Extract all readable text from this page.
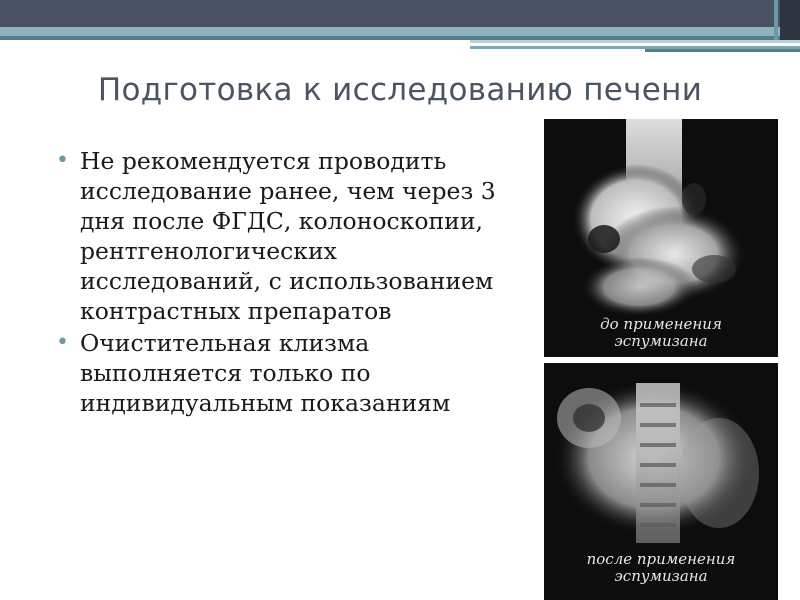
Подготовка к исследованию печени
• Не рекомендуется проводить исследование ранее, чем через 3 дня после ФГДС, колоноскопии, рентгенологических исследований, с использованием контрастных препаратов
• Очистительная клизма выполняется только по индивидуальным показаниям
до применения
эспумизана
после применения
эспумизана
